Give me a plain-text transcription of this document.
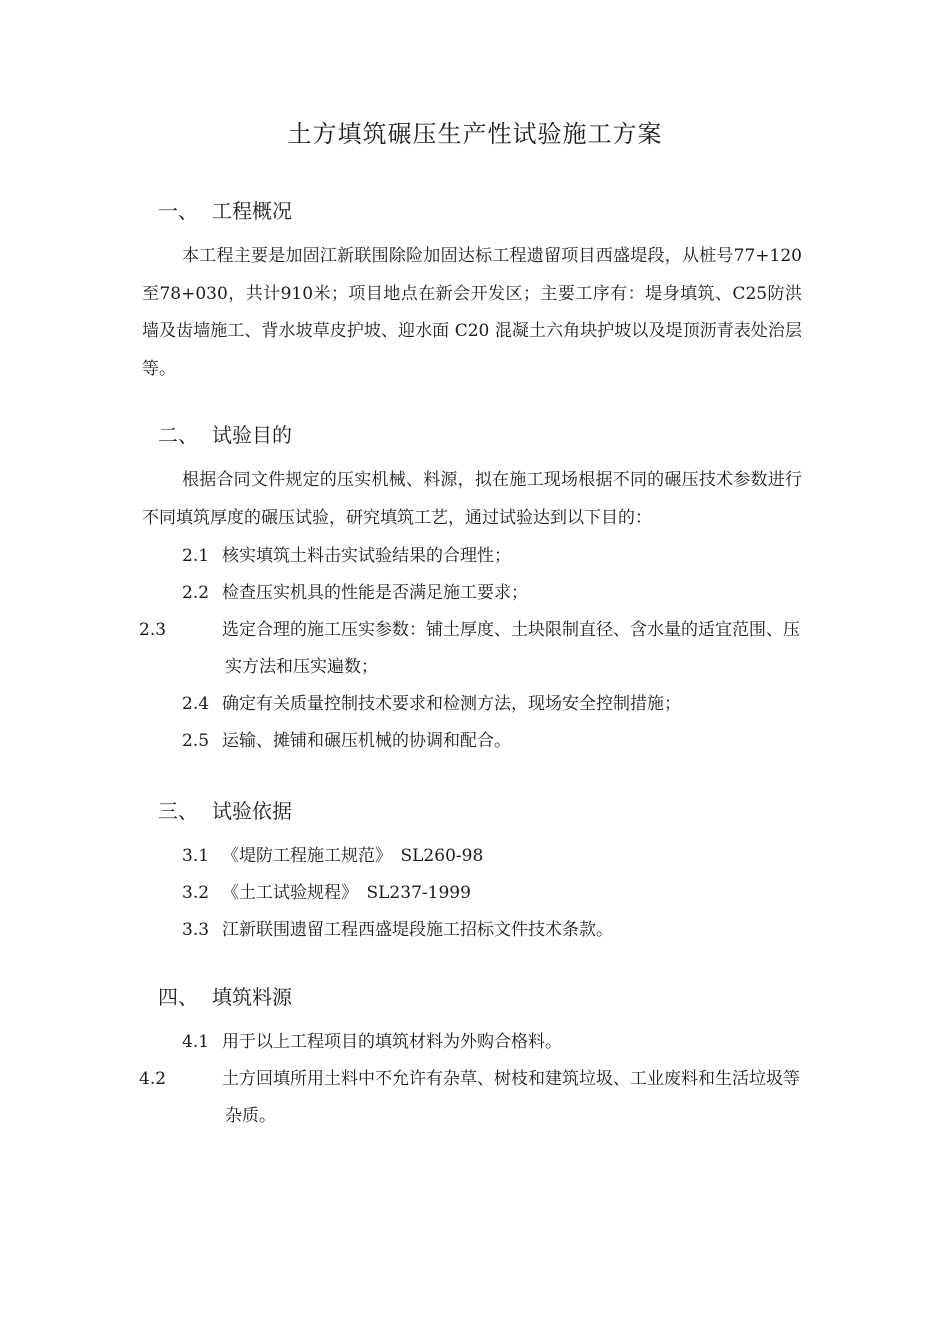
土方填筑碾压生产性试验施工方案
一、 工程概况
本工程主要是加固江新联围除险加固达标工程遗留项目西盛堤段，从桩号77+120至78+030，共计910米；项目地点在新会开发区；主要工序有：堤身填筑、C25防洪墙及齿墙施工、背水坡草皮护坡、迎水面 C20 混凝土六角块护坡以及堤顶沥青表处治层等。
二、 试验目的
根据合同文件规定的压实机械、料源，拟在施工现场根据不同的碾压技术参数进行不同填筑厚度的碾压试验，研究填筑工艺，通过试验达到以下目的：
2.1 核实填筑土料击实试验结果的合理性；
2.2 检查压实机具的性能是否满足施工要求；
2.3	选定合理的施工压实参数：铺土厚度、土块限制直径、含水量的适宜范围、压实方法和压实遍数；
2.4 确定有关质量控制技术要求和检测方法，现场安全控制措施；
2.5 运输、摊铺和碾压机械的协调和配合。
三、 试验依据
3.1 《堤防工程施工规范》　SL260-98
3.2 《土工试验规程》　SL237-1999
3.3 江新联围遗留工程西盛堤段施工招标文件技术条款。
四、 填筑料源
4.1 用于以上工程项目的填筑材料为外购合格料。
4.2	土方回填所用土料中不允许有杂草、树枝和建筑垃圾、工业废料和生活垃圾等杂质。
